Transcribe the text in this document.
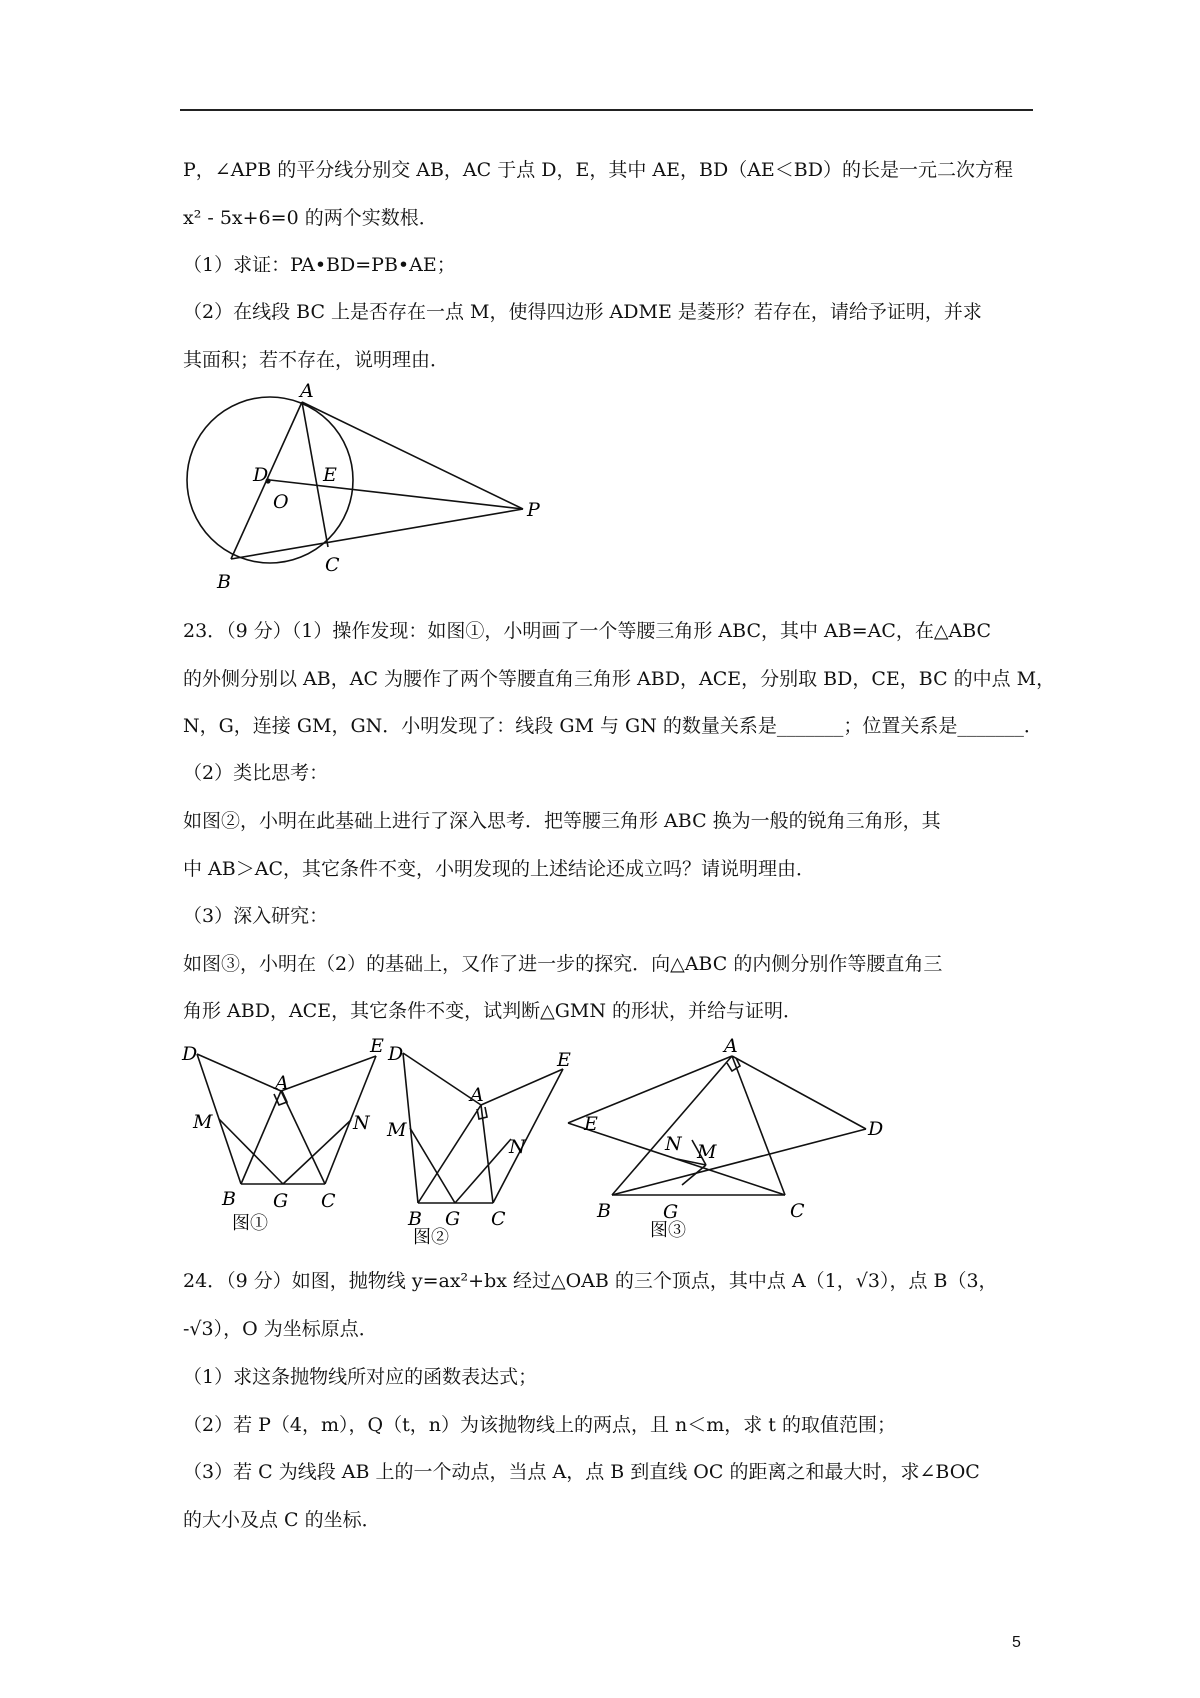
P，∠APB 的平分线分别交 AB，AC 于点 D，E，其中 AE，BD（AE＜BD）的长是一元二次方程
x² - 5x+6=0 的两个实数根．
（1）求证：PA•BD=PB•AE；
（2）在线段 BC 上是否存在一点 M，使得四边形 ADME 是菱形？若存在，请给予证明，并求
其面积；若不存在，说明理由．
23．（9 分）（1）操作发现：如图①，小明画了一个等腰三角形 ABC，其中 AB=AC，在△ABC
的外侧分别以 AB，AC 为腰作了两个等腰直角三角形 ABD，ACE，分别取 BD，CE，BC 的中点 M，
N，G，连接 GM，GN．小明发现了：线段 GM 与 GN 的数量关系是_______；位置关系是_______．
（2）类比思考：
如图②，小明在此基础上进行了深入思考．把等腰三角形 ABC 换为一般的锐角三角形，其
中 AB＞AC，其它条件不变，小明发现的上述结论还成立吗？请说明理由．
（3）深入研究：
如图③，小明在（2）的基础上，又作了进一步的探究．向△ABC 的内侧分别作等腰直角三
角形 ABD，ACE，其它条件不变，试判断△GMN 的形状，并给与证明．
24．（9 分）如图，抛物线 y=ax²+bx 经过△OAB 的三个顶点，其中点 A（1，√3），点 B（3，
-√3），O 为坐标原点．
（1）求这条抛物线所对应的函数表达式；
（2）若 P（4，m），Q（t，n）为该抛物线上的两点，且 n＜m，求 t 的取值范围；
（3）若 C 为线段 AB 上的一个动点，当点 A，点 B 到直线 OC 的距离之和最大时，求∠BOC
的大小及点 C 的坐标．
A
D	E
O	P
C
B
D	E
A
M	N
B G C
图①
D	E
A
M
N
B G C
图②
E
A
D
N M
B	G	C
图③
5
